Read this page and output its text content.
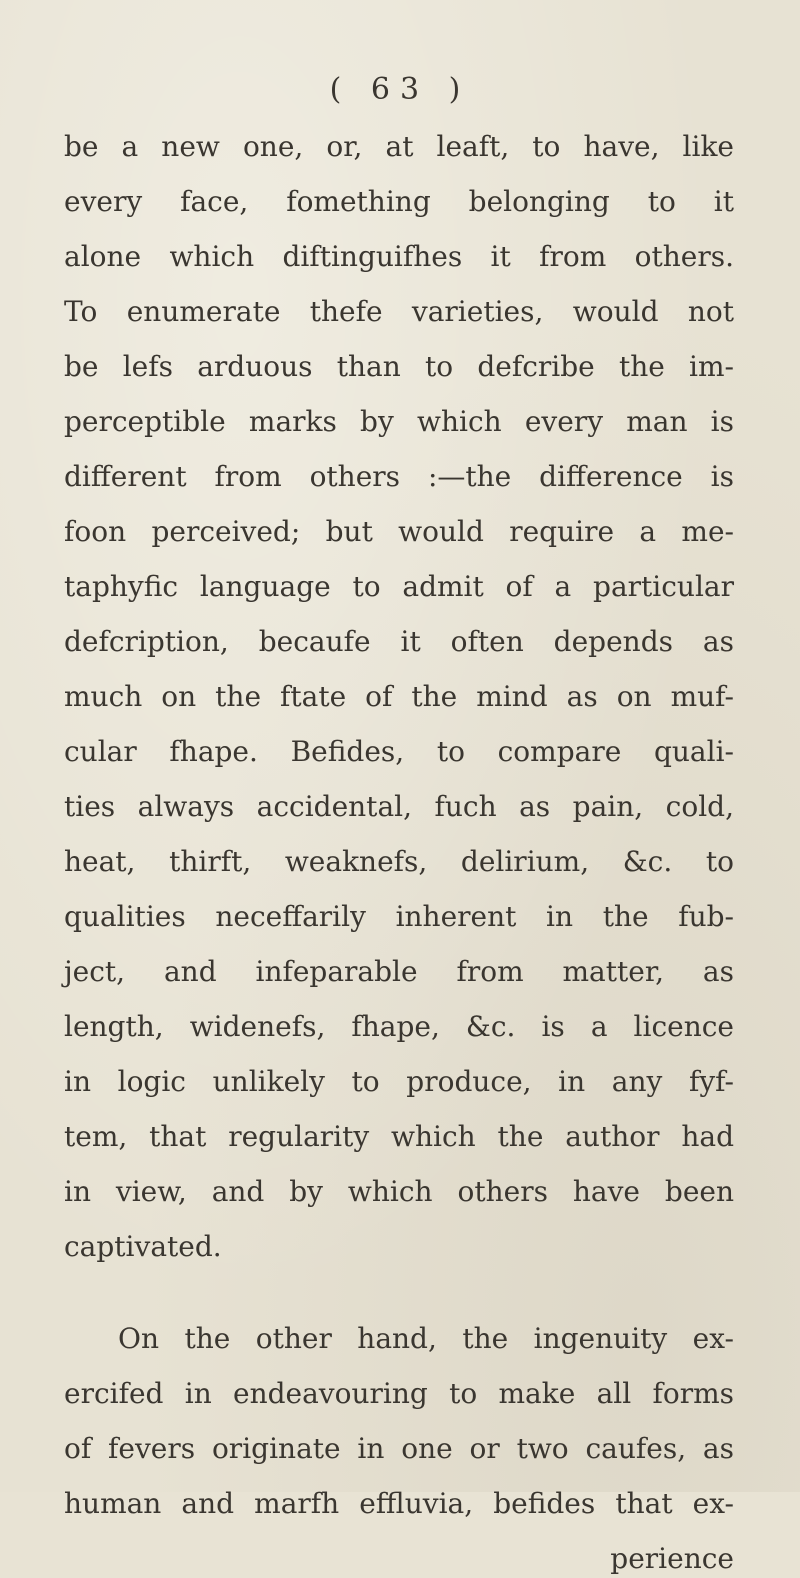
( 63 )
be a new one, or, at leaft, to have, like
every face, fomething belonging to it
alone which diftinguifhes it from others.
To enumerate thefe varieties, would not
be lefs arduous than to defcribe the im-
perceptible marks by which every man is
different from others :—the difference is
foon perceived; but would require a me-
taphyfic language to admit of a particular
defcription, becaufe it often depends as
much on the ftate of the mind as on muf-
cular fhape. Befides, to compare quali-
ties always accidental, fuch as pain, cold,
heat, thirft, weaknefs, delirium, &c. to
qualities neceffarily inherent in the fub-
ject, and infeparable from matter, as
length, widenefs, fhape, &c. is a licence
in logic unlikely to produce, in any fyf-
tem, that regularity which the author had
in view, and by which others have been
captivated.
On the other hand, the ingenuity ex-
ercifed in endeavouring to make all forms
of fevers originate in one or two caufes, as
human and marfh effluvia, befides that ex-
perience
